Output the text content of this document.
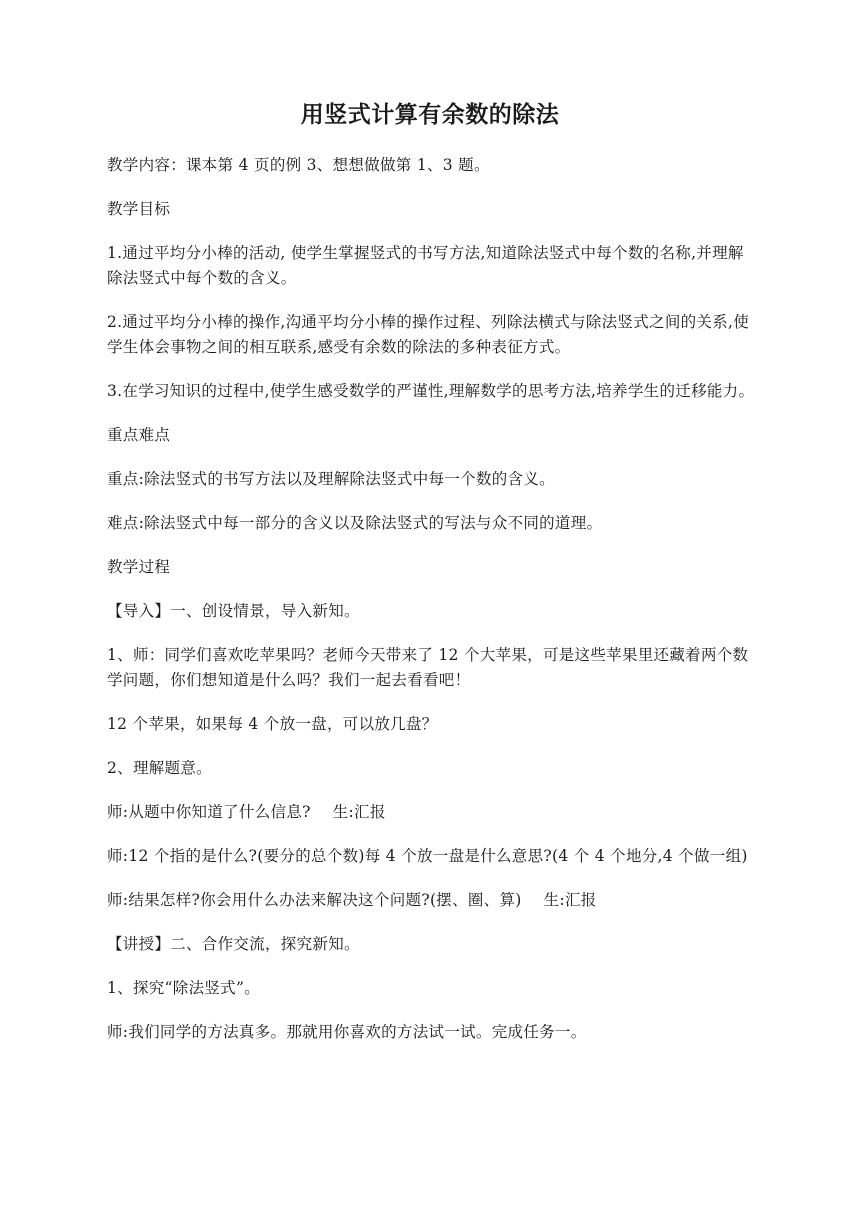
用竖式计算有余数的除法

教学内容：课本第 4 页的例 3、想想做做第 1、3 题。

教学目标

1.通过平均分小棒的活动, 使学生掌握竖式的书写方法,知道除法竖式中每个数的名称,并理解除法竖式中每个数的含义。

2.通过平均分小棒的操作,沟通平均分小棒的操作过程、列除法横式与除法竖式之间的关系,使学生体会事物之间的相互联系,感受有余数的除法的多种表征方式。

3.在学习知识的过程中,使学生感受数学的严谨性,理解数学的思考方法,培养学生的迁移能力。

重点难点

重点:除法竖式的书写方法以及理解除法竖式中每一个数的含义。

难点:除法竖式中每一部分的含义以及除法竖式的写法与众不同的道理。

教学过程

【导入】一、创设情景，导入新知。

1、师：同学们喜欢吃苹果吗？老师今天带来了 12 个大苹果，可是这些苹果里还藏着两个数学问题，你们想知道是什么吗？我们一起去看看吧！

12 个苹果，如果每 4 个放一盘，可以放几盘？

2、理解题意。

师:从题中你知道了什么信息? 生:汇报

师:12 个指的是什么?(要分的总个数)每 4 个放一盘是什么意思?(4 个 4 个地分,4 个做一组)

师:结果怎样?你会用什么办法来解决这个问题?(摆、圈、算) 生:汇报

【讲授】二、合作交流，探究新知。

1、探究“除法竖式”。

师:我们同学的方法真多。那就用你喜欢的方法试一试。完成任务一。
